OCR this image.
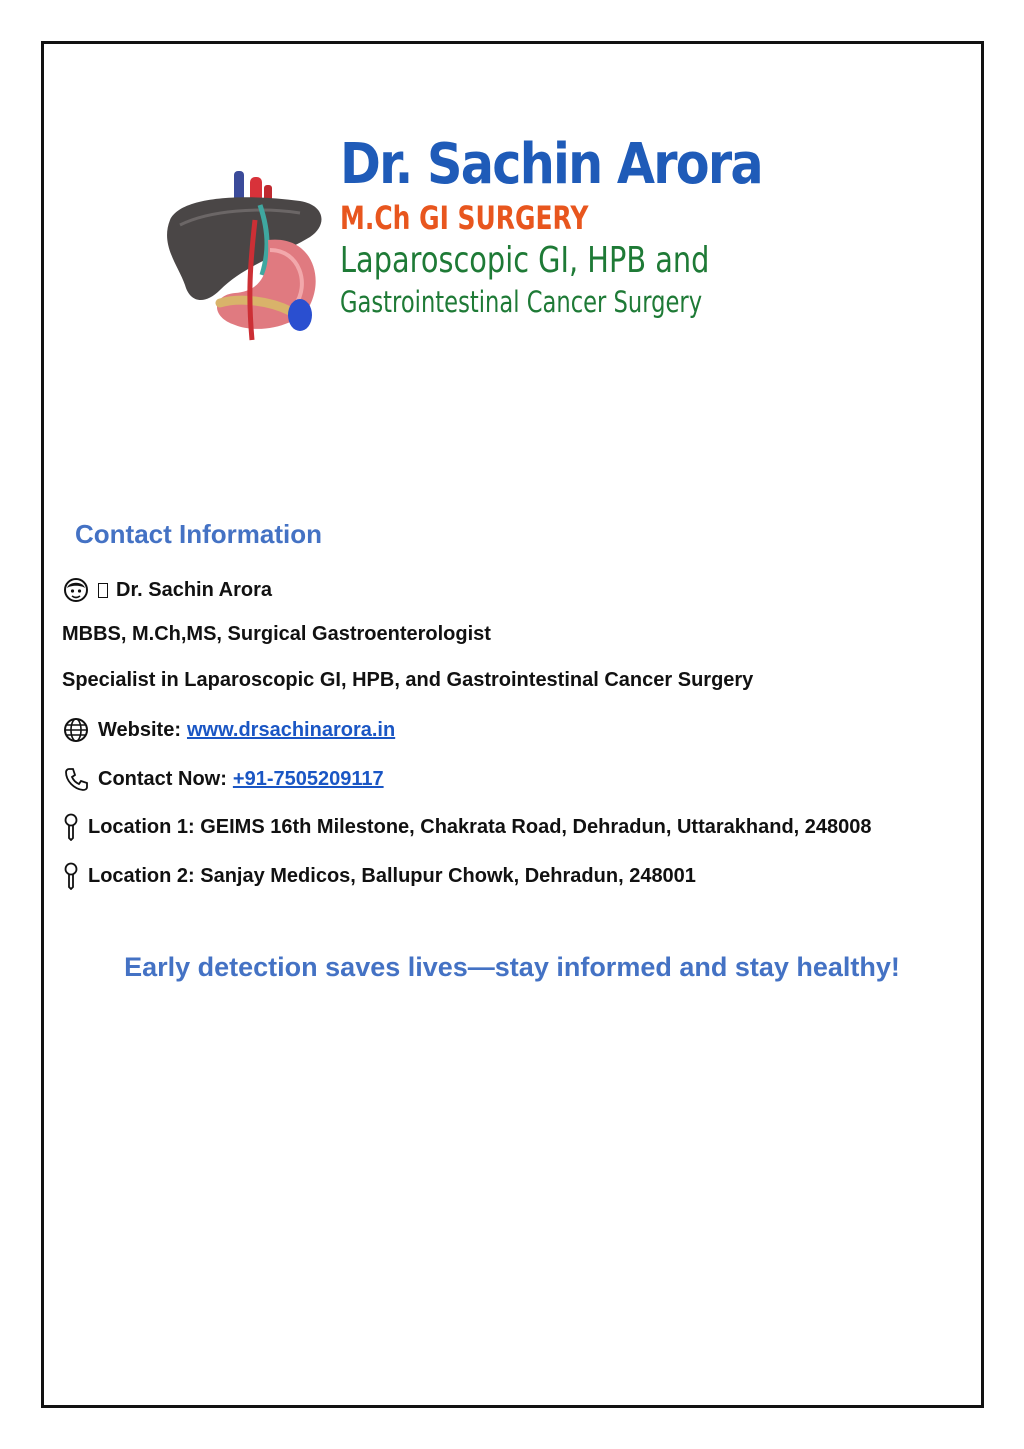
Dr. Sachin Arora

M.Ch GI SURGERY

Laparoscopic GI, HPB and

Gastrointestinal Cancer Surgery

Contact Information
Dr. Sachin Arora
MBBS, M.Ch,MS, Surgical Gastroenterologist
Specialist in Laparoscopic GI, HPB, and Gastrointestinal Cancer Surgery
Website: www.drsachinarora.in
Contact Now: +91-7505209117
Location 1: GEIMS 16th Milestone, Chakrata Road, Dehradun, Uttarakhand, 248008
Location 2: Sanjay Medicos, Ballupur Chowk, Dehradun, 248001

Early detection saves lives—stay informed and stay healthy!
